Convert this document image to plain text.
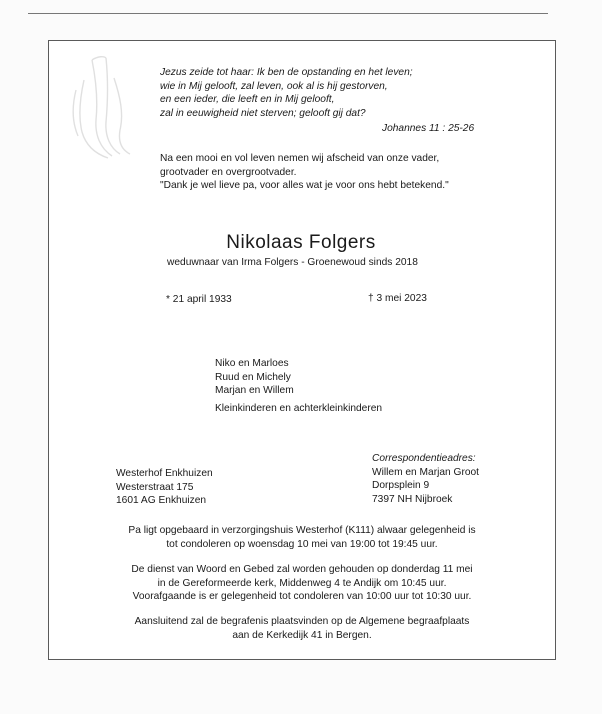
Jezus zeide tot haar: Ik ben de opstanding en het leven;
wie in Mij gelooft, zal leven, ook al is hij gestorven,
en een ieder, die leeft en in Mij gelooft,
zal in eeuwigheid niet sterven; gelooft gij dat?
Johannes 11 : 25-26
Na een mooi en vol leven nemen wij afscheid van onze vader,
grootvader en overgrootvader.
"Dank je wel lieve pa, voor alles wat je voor ons hebt betekend."
Nikolaas Folgers
weduwnaar van Irma Folgers - Groenewoud sinds 2018
* 21 april 1933	† 3 mei 2023
Niko en Marloes
Ruud en Michely
Marjan en Willem
Kleinkinderen en achterkleinkinderen
Westerhof Enkhuizen
Westerstraat 175
1601 AG Enkhuizen
Correspondentieadres:
Willem en Marjan Groot
Dorpsplein 9
7397 NH Nijbroek
Pa ligt opgebaard in verzorgingshuis Westerhof (K111) alwaar gelegenheid is
tot condoleren op woensdag 10 mei van 19:00 tot 19:45 uur.
De dienst van Woord en Gebed zal worden gehouden op donderdag 11 mei
in de Gereformeerde kerk, Middenweg 4 te Andijk om 10:45 uur.
Voorafgaande is er gelegenheid tot condoleren van 10:00 uur tot 10:30 uur.
Aansluitend zal de begrafenis plaatsvinden op de Algemene begraafplaats
aan de Kerkedijk 41 in Bergen.
